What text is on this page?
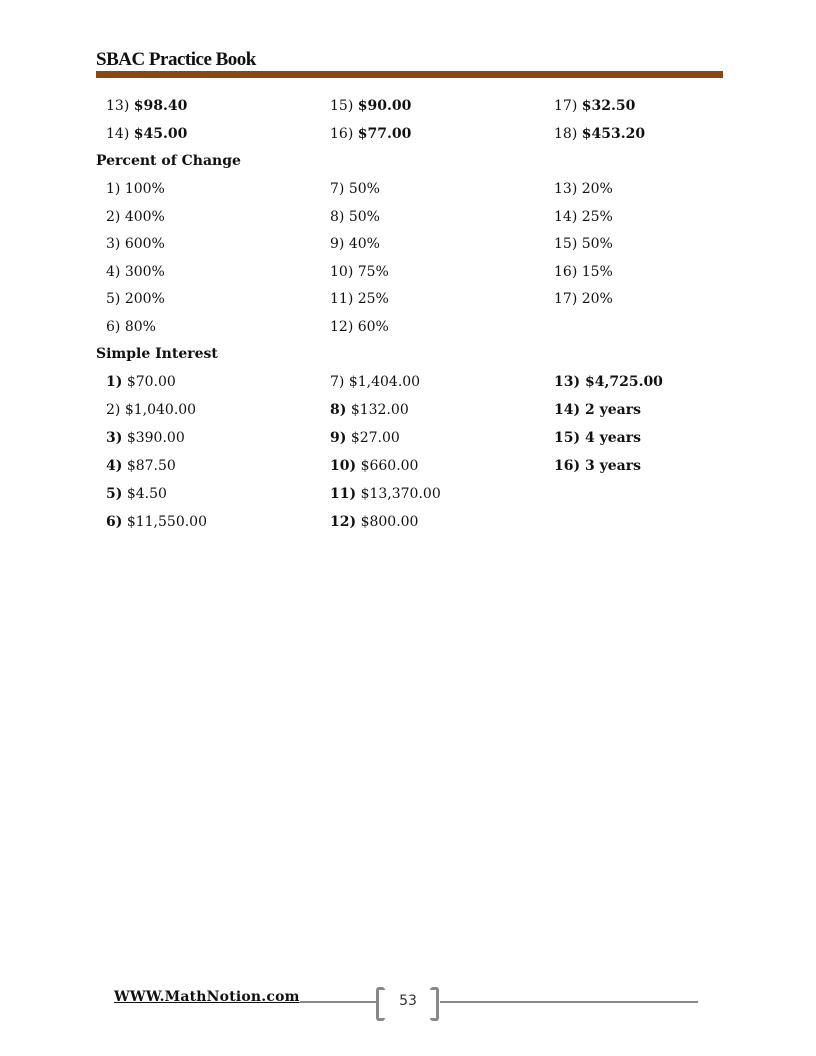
SBAC Practice Book
13) $98.40	15) $90.00	17) $32.50
14) $45.00	16) $77.00	18) $453.20
Percent of Change
1) 100%	7) 50%	13) 20%
2) 400%	8) 50%	14) 25%
3) 600%	9) 40%	15) 50%
4) 300%	10) 75%	16) 15%
5) 200%	11) 25%	17) 20%
6) 80%	12) 60%
Simple Interest
1) $70.00	7) $1,404.00	13) $4,725.00
2) $1,040.00	8) $132.00	14) 2 years
3) $390.00	9) $27.00	15) 4 years
4) $87.50	10) $660.00	16) 3 years
5) $4.50	11) $13,370.00
6) $11,550.00	12) $800.00
WWW.MathNotion.com	53
